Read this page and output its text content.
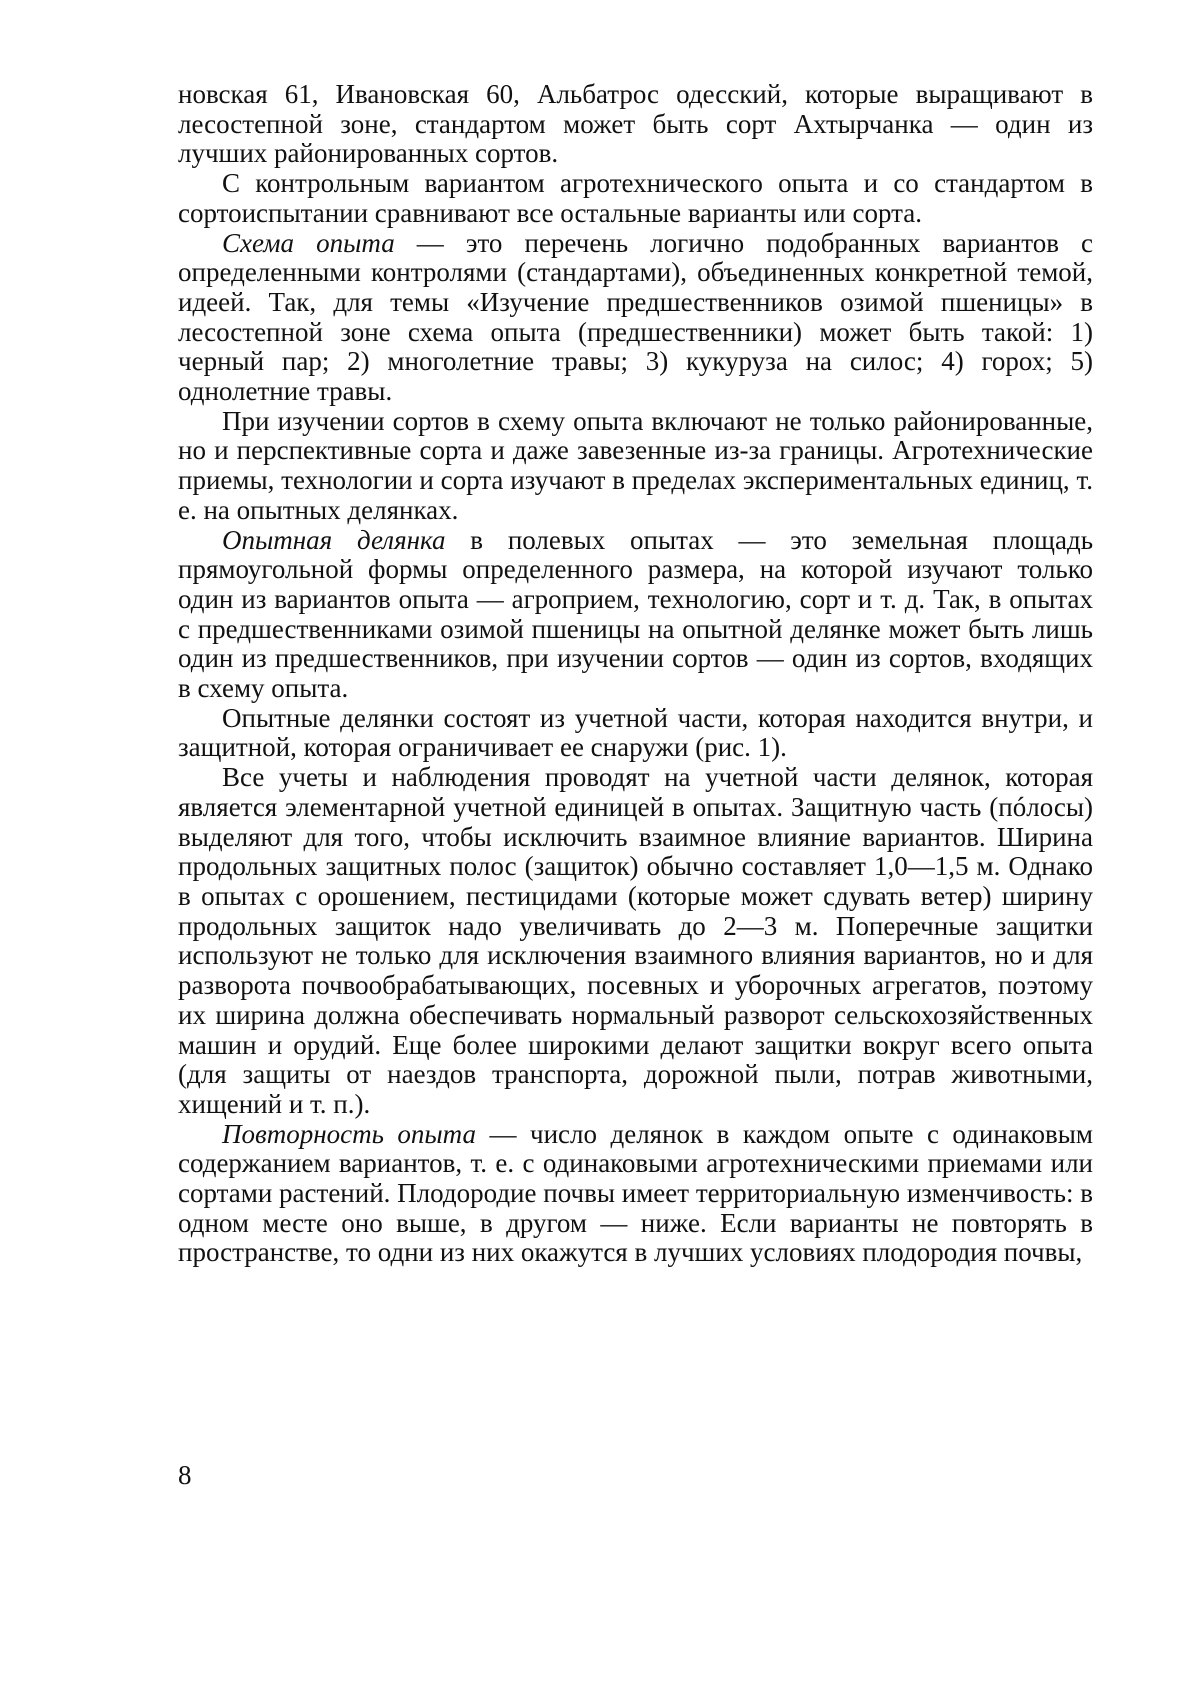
новская 61, Ивановская 60, Альбатрос одесский, которые выращивают в лесостепной зоне, стандартом может быть сорт Ахтырчанка — один из лучших районированных сортов.

С контрольным вариантом агротехнического опыта и со стандартом в сортоиспытании сравнивают все остальные варианты или сорта.

Схема опыта — это перечень логично подобранных вариантов с определенными контролями (стандартами), объединенных конкретной темой, идеей. Так, для темы «Изучение предшественников озимой пшеницы» в лесостепной зоне схема опыта (предшественники) может быть такой: 1) черный пар; 2) многолетние травы; 3) кукуруза на силос; 4) горох; 5) однолетние травы.

При изучении сортов в схему опыта включают не только районированные, но и перспективные сорта и даже завезенные из-за границы. Агротехнические приемы, технологии и сорта изучают в пределах экспериментальных единиц, т. е. на опытных делянках.

Опытная делянка в полевых опытах — это земельная площадь прямоугольной формы определенного размера, на которой изучают только один из вариантов опыта — агроприем, технологию, сорт и т. д. Так, в опытах с предшественниками озимой пшеницы на опытной делянке может быть лишь один из предшественников, при изучении сортов — один из сортов, входящих в схему опыта.

Опытные делянки состоят из учетной части, которая находится внутри, и защитной, которая ограничивает ее снаружи (рис. 1).

Все учеты и наблюдения проводят на учетной части делянок, которая является элементарной учетной единицей в опытах. Защитную часть (пóлосы) выделяют для того, чтобы исключить взаимное влияние вариантов. Ширина продольных защитных полос (защиток) обычно составляет 1,0—1,5 м. Однако в опытах с орошением, пестицидами (которые может сдувать ветер) ширину продольных защиток надо увеличивать до 2—3 м. Поперечные защитки используют не только для исключения взаимного влияния вариантов, но и для разворота почвообрабатывающих, посевных и уборочных агрегатов, поэтому их ширина должна обеспечивать нормальный разворот сельскохозяйственных машин и орудий. Еще более широкими делают защитки вокруг всего опыта (для защиты от наездов транспорта, дорожной пыли, потрав животными, хищений и т. п.).

Повторность опыта — число делянок в каждом опыте с одинаковым содержанием вариантов, т. е. с одинаковыми агротехническими приемами или сортами растений. Плодородие почвы имеет территориальную изменчивость: в одном месте оно выше, в другом — ниже. Если варианты не повторять в пространстве, то одни из них окажутся в лучших условиях плодородия почвы,

8
